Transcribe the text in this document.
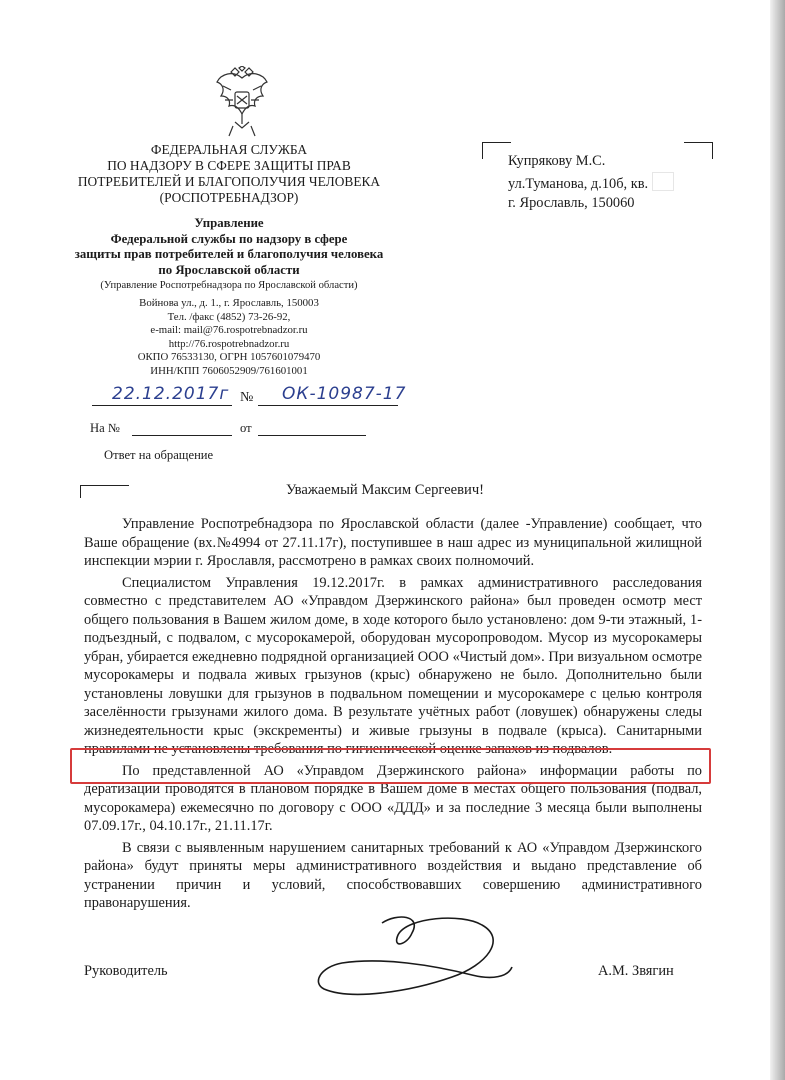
ФЕДЕРАЛЬНАЯ СЛУЖБА
ПО НАДЗОРУ В СФЕРЕ ЗАЩИТЫ ПРАВ
ПОТРЕБИТЕЛЕЙ И БЛАГОПОЛУЧИЯ ЧЕЛОВЕКА
(РОСПОТРЕБНАДЗОР)
Управление
Федеральной службы по надзору в сфере
защиты прав потребителей и благополучия человека
по Ярославской области
(Управление Роспотребнадзора по Ярославской области)
Войнова ул., д. 1., г. Ярославль, 150003
Тел. /факс (4852) 73-26-92,
e-mail: mail@76.rospotrebnadzor.ru
http://76.rospotrebnadzor.ru
ОКПО 76533130, ОГРН 1057601079470
ИНН/КПП 7606052909/761601001
22.12.2017г № ОК-10987-17
На №	от
Ответ на обращение
Купрякову М.С.
ул.Туманова, д.10б, кв.
г. Ярославль, 150060
Уважаемый Максим Сергеевич!

Управление Роспотребнадзора по Ярославской области (далее -Управление) сообщает, что Ваше обращение (вх.№4994 от 27.11.17г), поступившее в наш адрес из муниципальной жилищной инспекции мэрии г. Ярославля, рассмотрено в рамках своих полномочий.

Специалистом Управления 19.12.2017г. в рамках административного расследования совместно с представителем АО «Управдом Дзержинского района» был проведен осмотр мест общего пользования в Вашем жилом доме, в ходе которого было установлено: дом 9-ти этажный, 1-подъездный, с подвалом, с мусорокамерой, оборудован мусоропроводом. Мусор из мусорокамеры убран, убирается ежедневно подрядной организацией ООО «Чистый дом». При визуальном осмотре мусорокамеры и подвала живых грызунов (крыс) обнаружено не было. Дополнительно были установлены ловушки для грызунов в подвальном помещении и мусорокамере с целью контроля заселённости грызунами жилого дома. В результате учётных работ (ловушек) обнаружены следы жизнедеятельности крыс (экскременты) и живые грызуны в подвале (крыса). Санитарными правилами не установлены требования по гигиенической оценке запахов из подвалов.

По представленной АО «Управдом Дзержинского района» информации работы по дератизации проводятся в плановом порядке в Вашем доме в местах общего пользования (подвал, мусорокамера) ежемесячно по договору с ООО «ДДД» и за последние 3 месяца были выполнены 07.09.17г., 04.10.17г., 21.11.17г.

В связи с выявленным нарушением санитарных требований к АО «Управдом Дзержинского района» будут приняты меры административного воздействия и выдано представление об устранении причин и условий, способствовавших совершению административного правонарушения.

Руководитель	А.М. Звягин
